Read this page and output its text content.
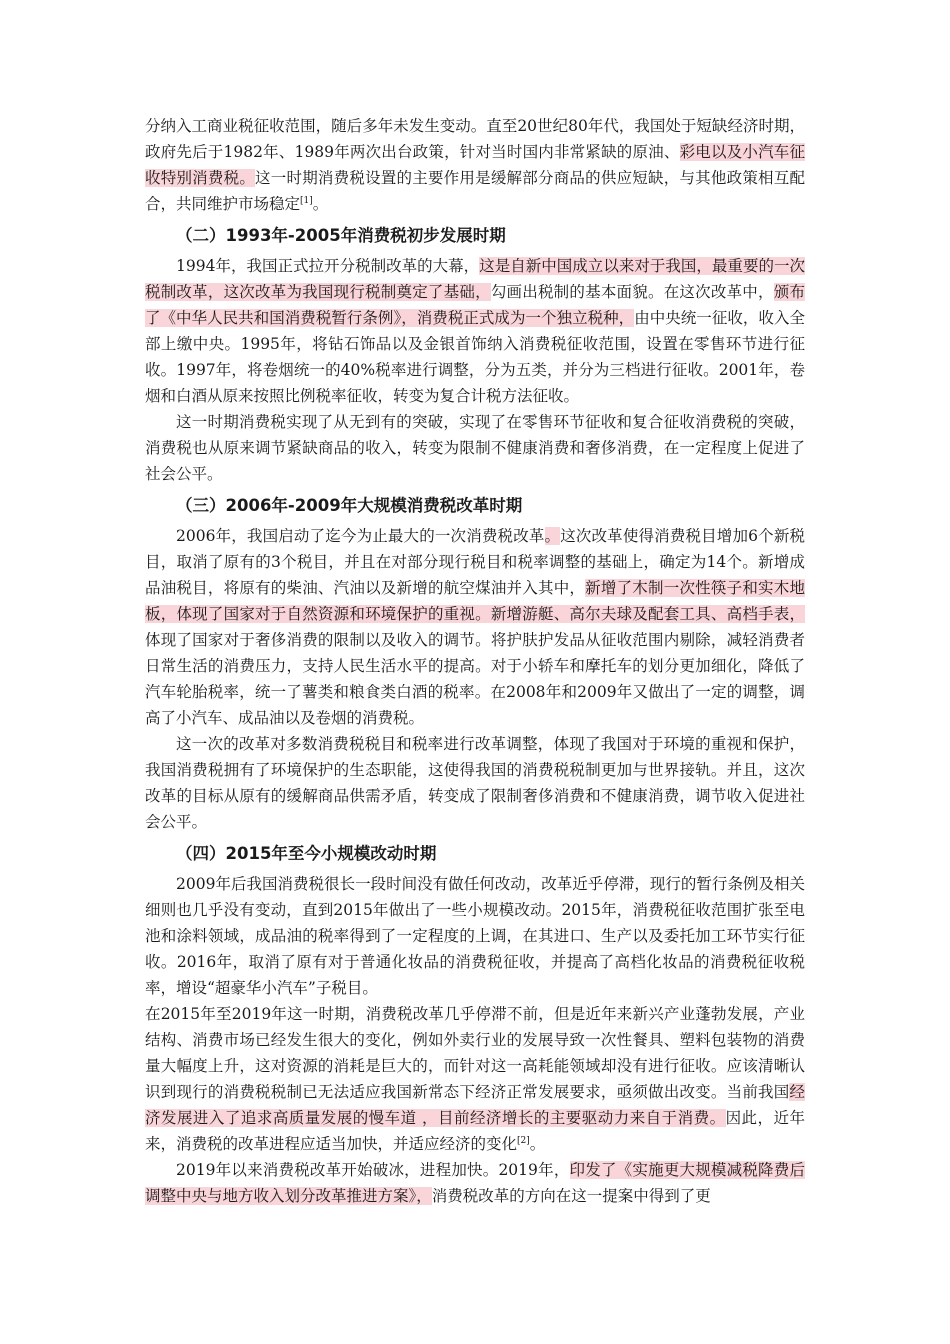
分纳入工商业税征收范围，随后多年未发生变动。直至20世纪80年代，我国处于短缺经济时期，政府先后于1982年、1989年两次出台政策，针对当时国内非常紧缺的原油、彩电以及小汽车征收特别消费税。这一时期消费税设置的主要作用是缓解部分商品的供应短缺，与其他政策相互配合，共同维护市场稳定[1]。

（二）1993年-2005年消费税初步发展时期

1994年，我国正式拉开分税制改革的大幕，这是自新中国成立以来对于我国，最重要的一次税制改革，这次改革为我国现行税制奠定了基础，勾画出税制的基本面貌。在这次改革中，颁布了《中华人民共和国消费税暂行条例》，消费税正式成为一个独立税种，由中央统一征收，收入全部上缴中央。1995年，将钻石饰品以及金银首饰纳入消费税征收范围，设置在零售环节进行征收。1997年，将卷烟统一的40%税率进行调整，分为五类，并分为三档进行征收。2001年，卷烟和白酒从原来按照比例税率征收，转变为复合计税方法征收。

这一时期消费税实现了从无到有的突破，实现了在零售环节征收和复合征收消费税的突破，消费税也从原来调节紧缺商品的收入，转变为限制不健康消费和奢侈消费，在一定程度上促进了社会公平。

（三）2006年-2009年大规模消费税改革时期

2006年，我国启动了迄今为止最大的一次消费税改革。这次改革使得消费税目增加6个新税目，取消了原有的3个税目，并且在对部分现行税目和税率调整的基础上，确定为14个。新增成品油税目，将原有的柴油、汽油以及新增的航空煤油并入其中，新增了木制一次性筷子和实木地板，体现了国家对于自然资源和环境保护的重视。新增游艇、高尔夫球及配套工具、高档手表，体现了国家对于奢侈消费的限制以及收入的调节。将护肤护发品从征收范围内剔除，减轻消费者日常生活的消费压力，支持人民生活水平的提高。对于小轿车和摩托车的划分更加细化，降低了汽车轮胎税率，统一了薯类和粮食类白酒的税率。在2008年和2009年又做出了一定的调整，调高了小汽车、成品油以及卷烟的消费税。

这一次的改革对多数消费税税目和税率进行改革调整，体现了我国对于环境的重视和保护，我国消费税拥有了环境保护的生态职能，这使得我国的消费税税制更加与世界接轨。并且，这次改革的目标从原有的缓解商品供需矛盾，转变成了限制奢侈消费和不健康消费，调节收入促进社会公平。

（四）2015年至今小规模改动时期

2009年后我国消费税很长一段时间没有做任何改动，改革近乎停滞，现行的暂行条例及相关细则也几乎没有变动，直到2015年做出了一些小规模改动。2015年，消费税征收范围扩张至电池和涂料领域，成品油的税率得到了一定程度的上调，在其进口、生产以及委托加工环节实行征收。2016年，取消了原有对于普通化妆品的消费税征收，并提高了高档化妆品的消费税征收税率，增设“超豪华小汽车”子税目。

在2015年至2019年这一时期，消费税改革几乎停滞不前，但是近年来新兴产业蓬勃发展，产业结构、消费市场已经发生很大的变化，例如外卖行业的发展导致一次性餐具、塑料包装物的消费量大幅度上升，这对资源的消耗是巨大的，而针对这一高耗能领域却没有进行征收。应该清晰认识到现行的消费税税制已无法适应我国新常态下经济正常发展要求，亟须做出改变。当前我国经济发展进入了追求高质量发展的慢车道 ，目前经济增长的主要驱动力来自于消费。因此，近年来，消费税的改革进程应适当加快，并适应经济的变化[2]。

2019年以来消费税改革开始破冰，进程加快。2019年，印发了《实施更大规模减税降费后调整中央与地方收入划分改革推进方案》，消费税改革的方向在这一提案中得到了更
